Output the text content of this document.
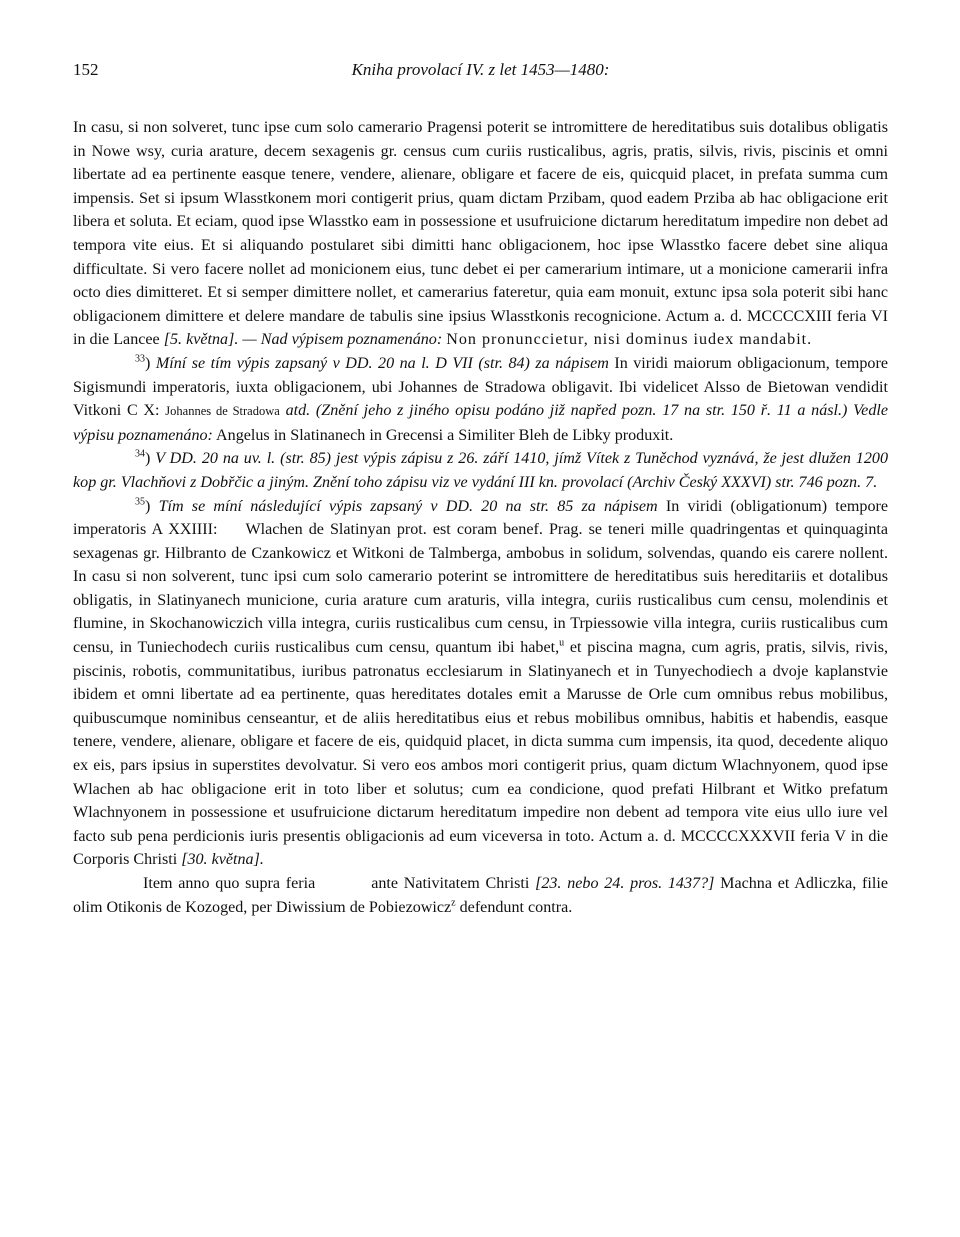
152	Kniha provolací IV. z let 1453—1480:

In casu, si non solveret, tunc ipse cum solo camerario Pragensi poterit se intromittere de hereditatibus suis dotalibus obligatis in Nowe wsy, curia arature, decem sexagenis gr. census cum curiis rusticalibus, agris, pratis, silvis, rivis, piscinis et omni libertate ad ea pertinente easque tenere, vendere, alienare, obligare et facere de eis, quicquid placet, in prefata summa cum impensis. Set si ipsum Wlasstkonem mori contigerit prius, quam dictam Przibam, quod eadem Prziba ab hac obligacione erit libera et soluta. Et eciam, quod ipse Wlasstko eam in possessione et usufruicione dictarum hereditatum impedire non debet ad tempora vite eius. Et si aliquando postularet sibi dimitti hanc obligacionem, hoc ipse Wlasstko facere debet sine aliqua difficultate. Si vero facere nollet ad monicionem eius, tunc debet ei per camerarium intimare, ut a monicione camerarii infra octo dies dimitteret. Et si semper dimittere nollet, et camerarius fateretur, quia eam monuit, extunc ipsa sola poterit sibi hanc obligacionem dimittere et delere mandare de tabulis sine ipsius Wlasstkonis recognicione. Actum a. d. MCCCCXIII feria VI in die Lancee [5. května]. — Nad výpisem poznamenáno: Non pronunccietur, nisi dominus iudex mandabit.

$^{33}$) Míní se tím výpis zapsaný v DD. 20 na l. D VII (str. 84) za nápisem In viridi maiorum obligacionum, tempore Sigismundi imperatoris, iuxta obligacionem, ubi Johannes de Stradowa obligavit. Ibi videlicet Alsso de Bietowan vendidit Vitkoni C X: Johannes de Stradowa atd. (Znění jeho z jiného opisu podáno již napřed pozn. 17 na str. 150 ř. 11 a násl.) Vedle výpisu poznamenáno: Angelus in Slatinanech in Grecensi a Similiter Bleh de Libky produxit.

$^{34}$) V DD. 20 na uv. l. (str. 85) jest výpis zápisu z 26. září 1410, jímž Vítek z Tuněchod vyznává, že jest dlužen 1200 kop gr. Vlachňovi z Dobřčic a jiným. Znění toho zápisu viz ve vydání III kn. provolací (Archiv Český XXXVI) str. 746 pozn. 7.

$^{35}$) Tím se míní následující výpis zapsaný v DD. 20 na str. 85 za nápisem In viridi (obligationum) tempore imperatoris A XXIIII: Wlachen de Slatinyan prot. est coram benef. Prag. se teneri mille quadringentas et quinquaginta sexagenas gr. Hilbranto de Czankowicz et Witkoni de Talmberga, ambobus in solidum, solvendas, quando eis carere nollent. In casu si non solverent, tunc ipsi cum solo camerario poterint se intromittere de hereditatibus suis hereditariis et dotalibus obligatis, in Slatinyanech municione, curia arature cum araturis, villa integra, curiis rusticalibus cum censu, molendinis et flumine, in Skochanowiczich villa integra, curiis rusticalibus cum censu, in Trpiessowie villa integra, curiis rusticalibus cum censu, in Tuniechodech curiis rusticalibus cum censu, quantum ibi habet,$^u$ et piscina magna, cum agris, pratis, silvis, rivis, piscinis, robotis, communitatibus, iuribus patronatus ecclesiarum in Slatinyanech et in Tunyechodiech a dvoje kaplanstvie ibidem et omni libertate ad ea pertinente, quas hereditates dotales emit a Marusse de Orle cum omnibus rebus mobilibus, quibuscumque nominibus censeantur, et de aliis hereditatibus eius et rebus mobilibus omnibus, habitis et habendis, easque tenere, vendere, alienare, obligare et facere de eis, quidquid placet, in dicta summa cum impensis, ita quod, decedente aliquo ex eis, pars ipsius in superstites devolvatur. Si vero eos ambos mori contigerit prius, quam dictum Wlachnyonem, quod ipse Wlachen ab hac obligacione erit in toto liber et solutus; cum ea condicione, quod prefati Hilbrant et Witko prefatum Wlachnyonem in possessione et usufruicione dictarum hereditatum impedire non debent ad tempora vite eius ullo iure vel facto sub pena perdicionis iuris presentis obligacionis ad eum viceversa in toto. Actum a. d. MCCCCXXXVII feria V in die Corporis Christi [30. května].

Item anno quo supra feria	ante Nativitatem Christi [23. nebo 24. pros. 1437?] Machna et Adliczka, filie olim Otikonis de Kozoged, per Diwissium de Pobiezowicz$^z$ defendunt contra.
